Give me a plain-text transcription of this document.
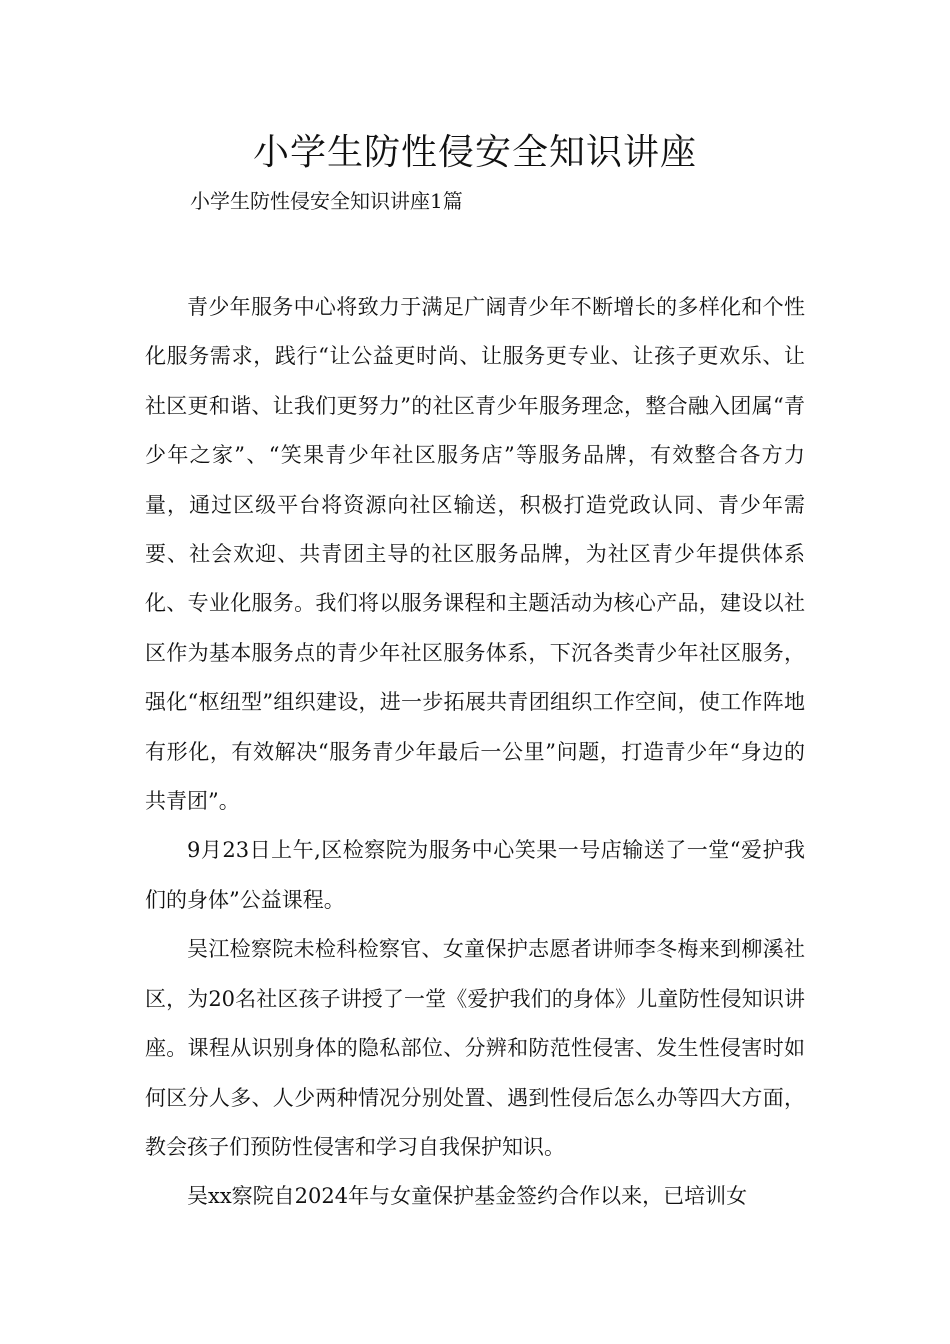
小学生防性侵安全知识讲座

小学生防性侵安全知识讲座1篇

青少年服务中心将致力于满足广阔青少年不断增长的多样化和个性化服务需求，践行“让公益更时尚、让服务更专业、让孩子更欢乐、让社区更和谐、让我们更努力”的社区青少年服务理念，整合融入团属“青少年之家”、“笑果青少年社区服务店”等服务品牌，有效整合各方力量，通过区级平台将资源向社区输送，积极打造党政认同、青少年需要、社会欢迎、共青团主导的社区服务品牌，为社区青少年提供体系化、专业化服务。我们将以服务课程和主题活动为核心产品，建设以社区作为基本服务点的青少年社区服务体系，下沉各类青少年社区服务，强化“枢纽型”组织建设，进一步拓展共青团组织工作空间，使工作阵地有形化，有效解决“服务青少年最后一公里”问题，打造青少年“身边的共青团”。

9月23日上午,区检察院为服务中心笑果一号店输送了一堂“爱护我们的身体”公益课程。

吴江检察院未检科检察官、女童保护志愿者讲师李冬梅来到柳溪社区，为20名社区孩子讲授了一堂《爱护我们的身体》儿童防性侵知识讲座。课程从识别身体的隐私部位、分辨和防范性侵害、发生性侵害时如何区分人多、人少两种情况分别处置、遇到性侵后怎么办等四大方面，教会孩子们预防性侵害和学习自我保护知识。

吴xx察院自2024年与女童保护基金签约合作以来，已培训女
